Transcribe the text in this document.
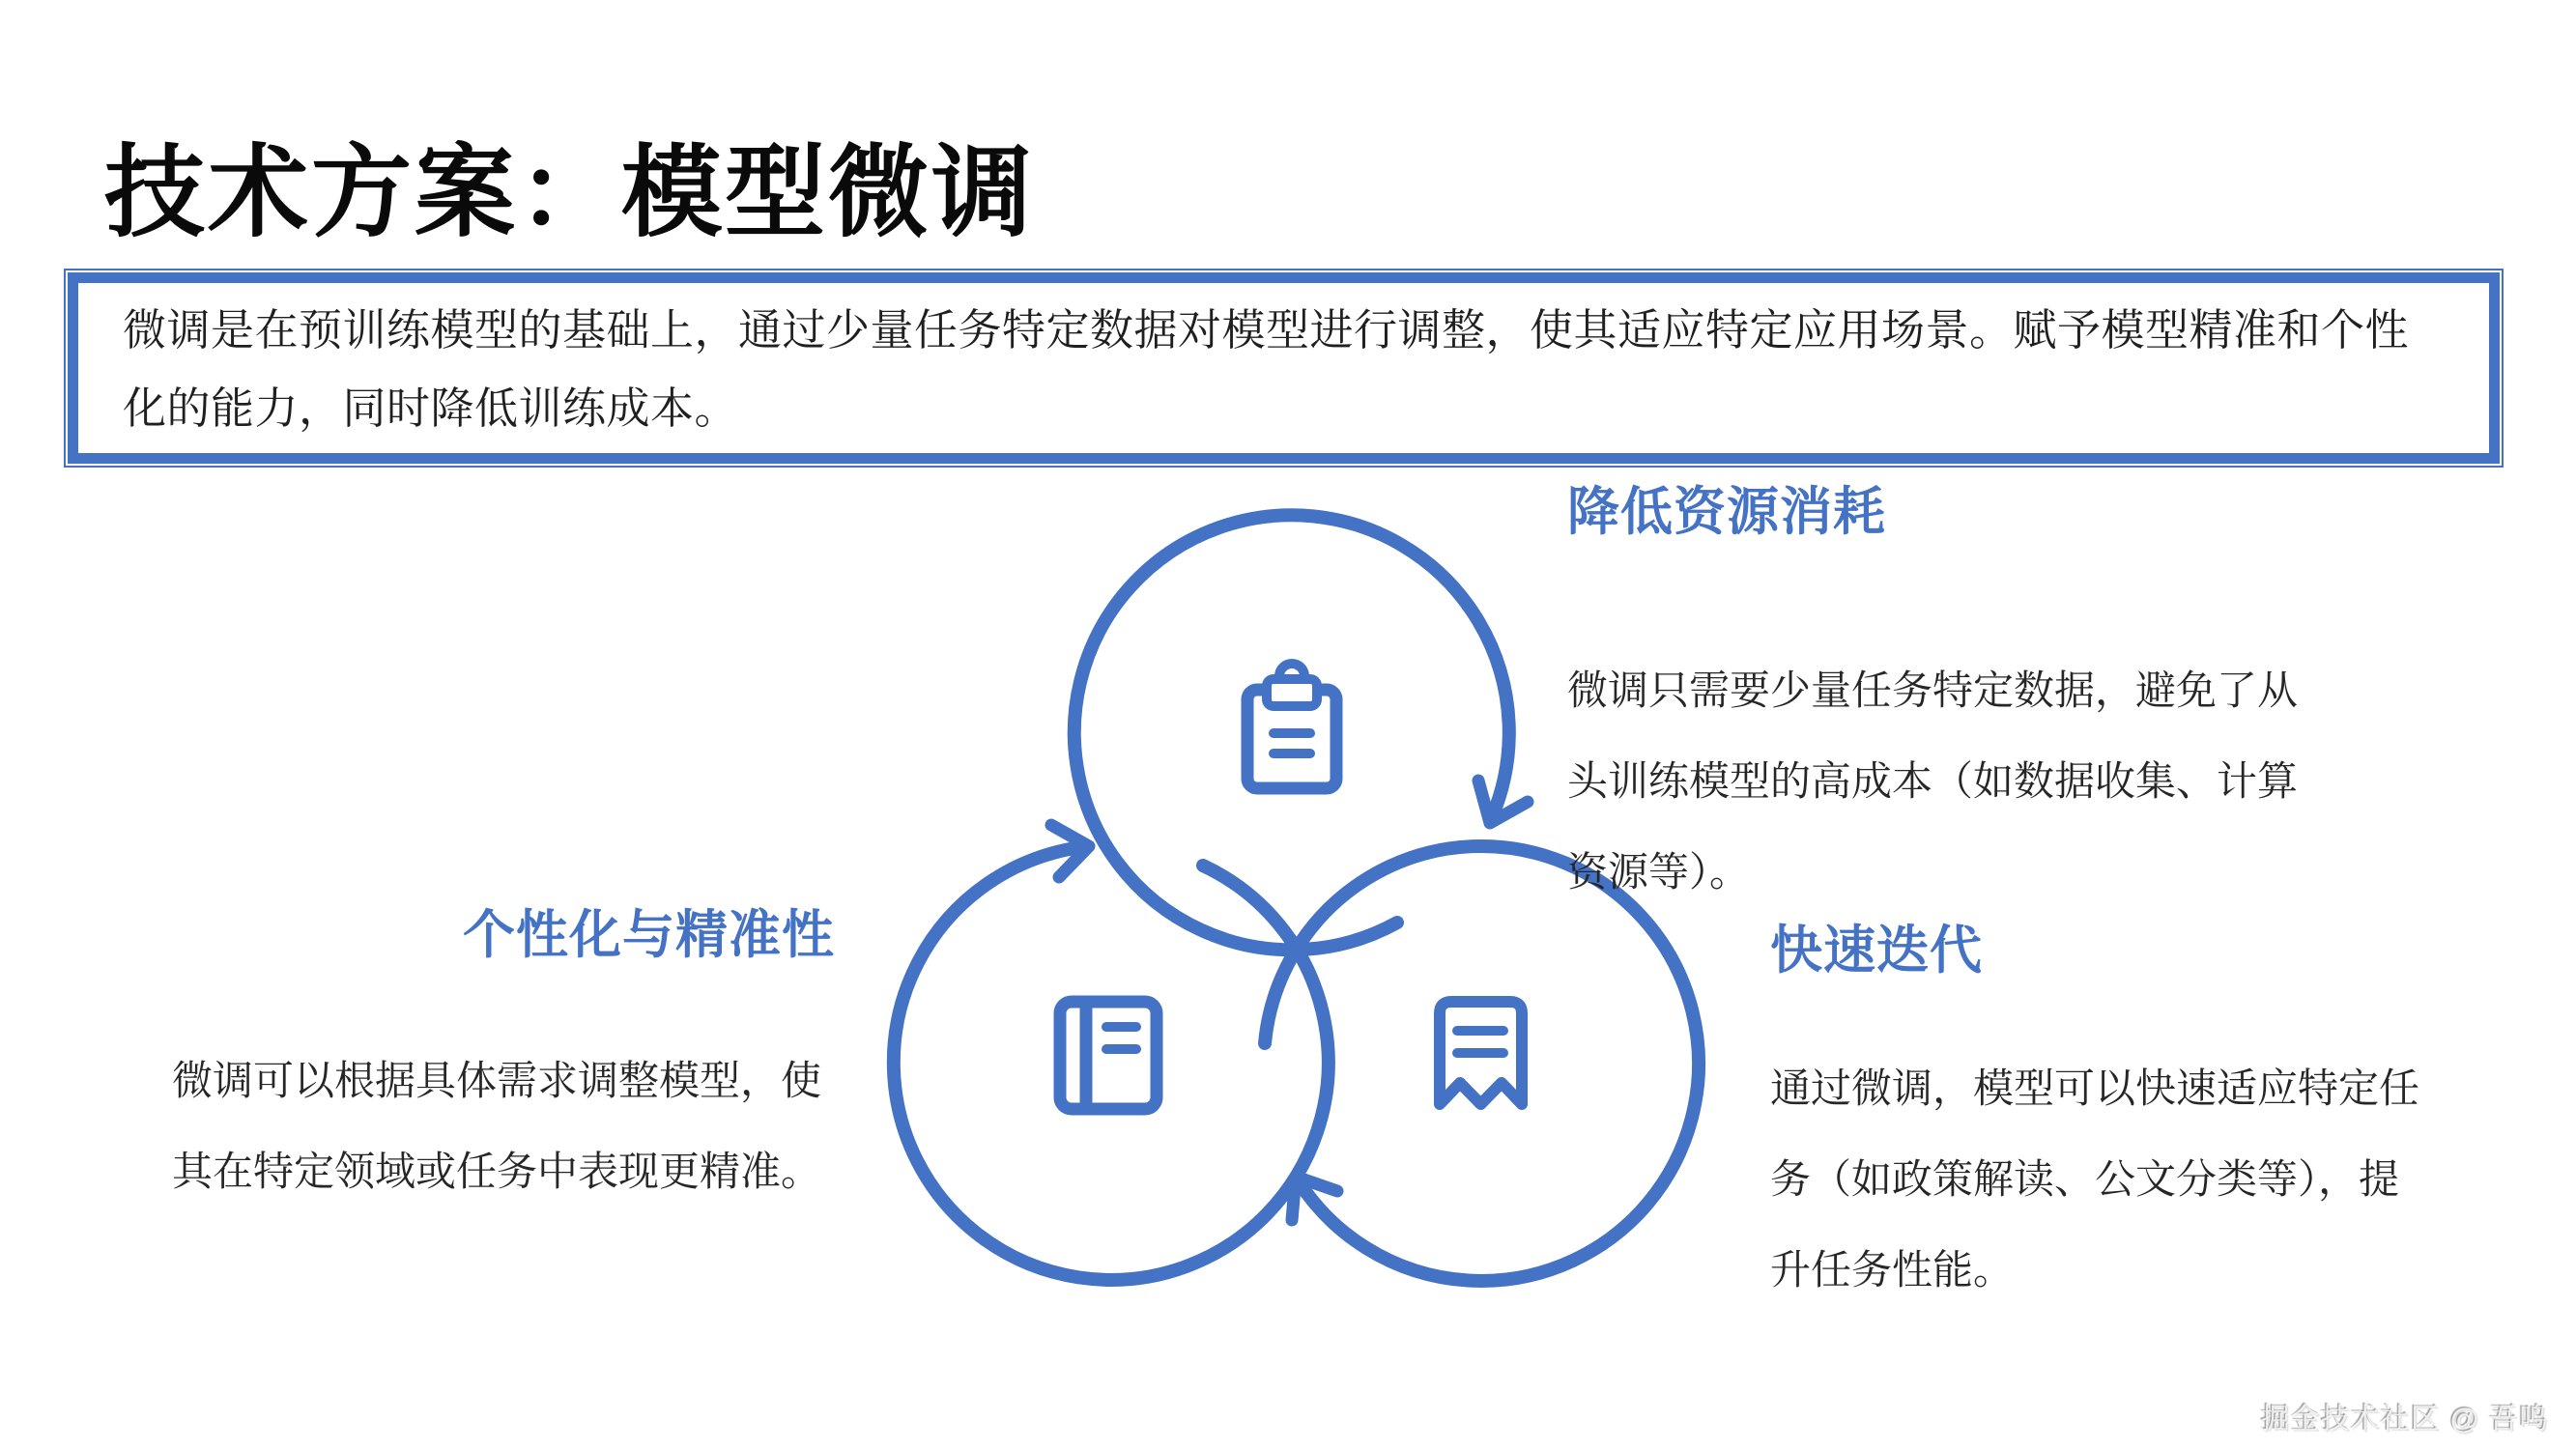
技术方案：模型微调

微调是在预训练模型的基础上，通过少量任务特定数据对模型进行调整，使其适应特定应用场景。赋予模型精准和个性化的能力，同时降低训练成本。

降低资源消耗

微调只需要少量任务特定数据，避免了从头训练模型的高成本（如数据收集、计算资源等）。

个性化与精准性

微调可以根据具体需求调整模型，使其在特定领域或任务中表现更精准。

快速迭代

通过微调，模型可以快速适应特定任务（如政策解读、公文分类等），提升任务性能。

掘金技术社区 @ 吾鸣
